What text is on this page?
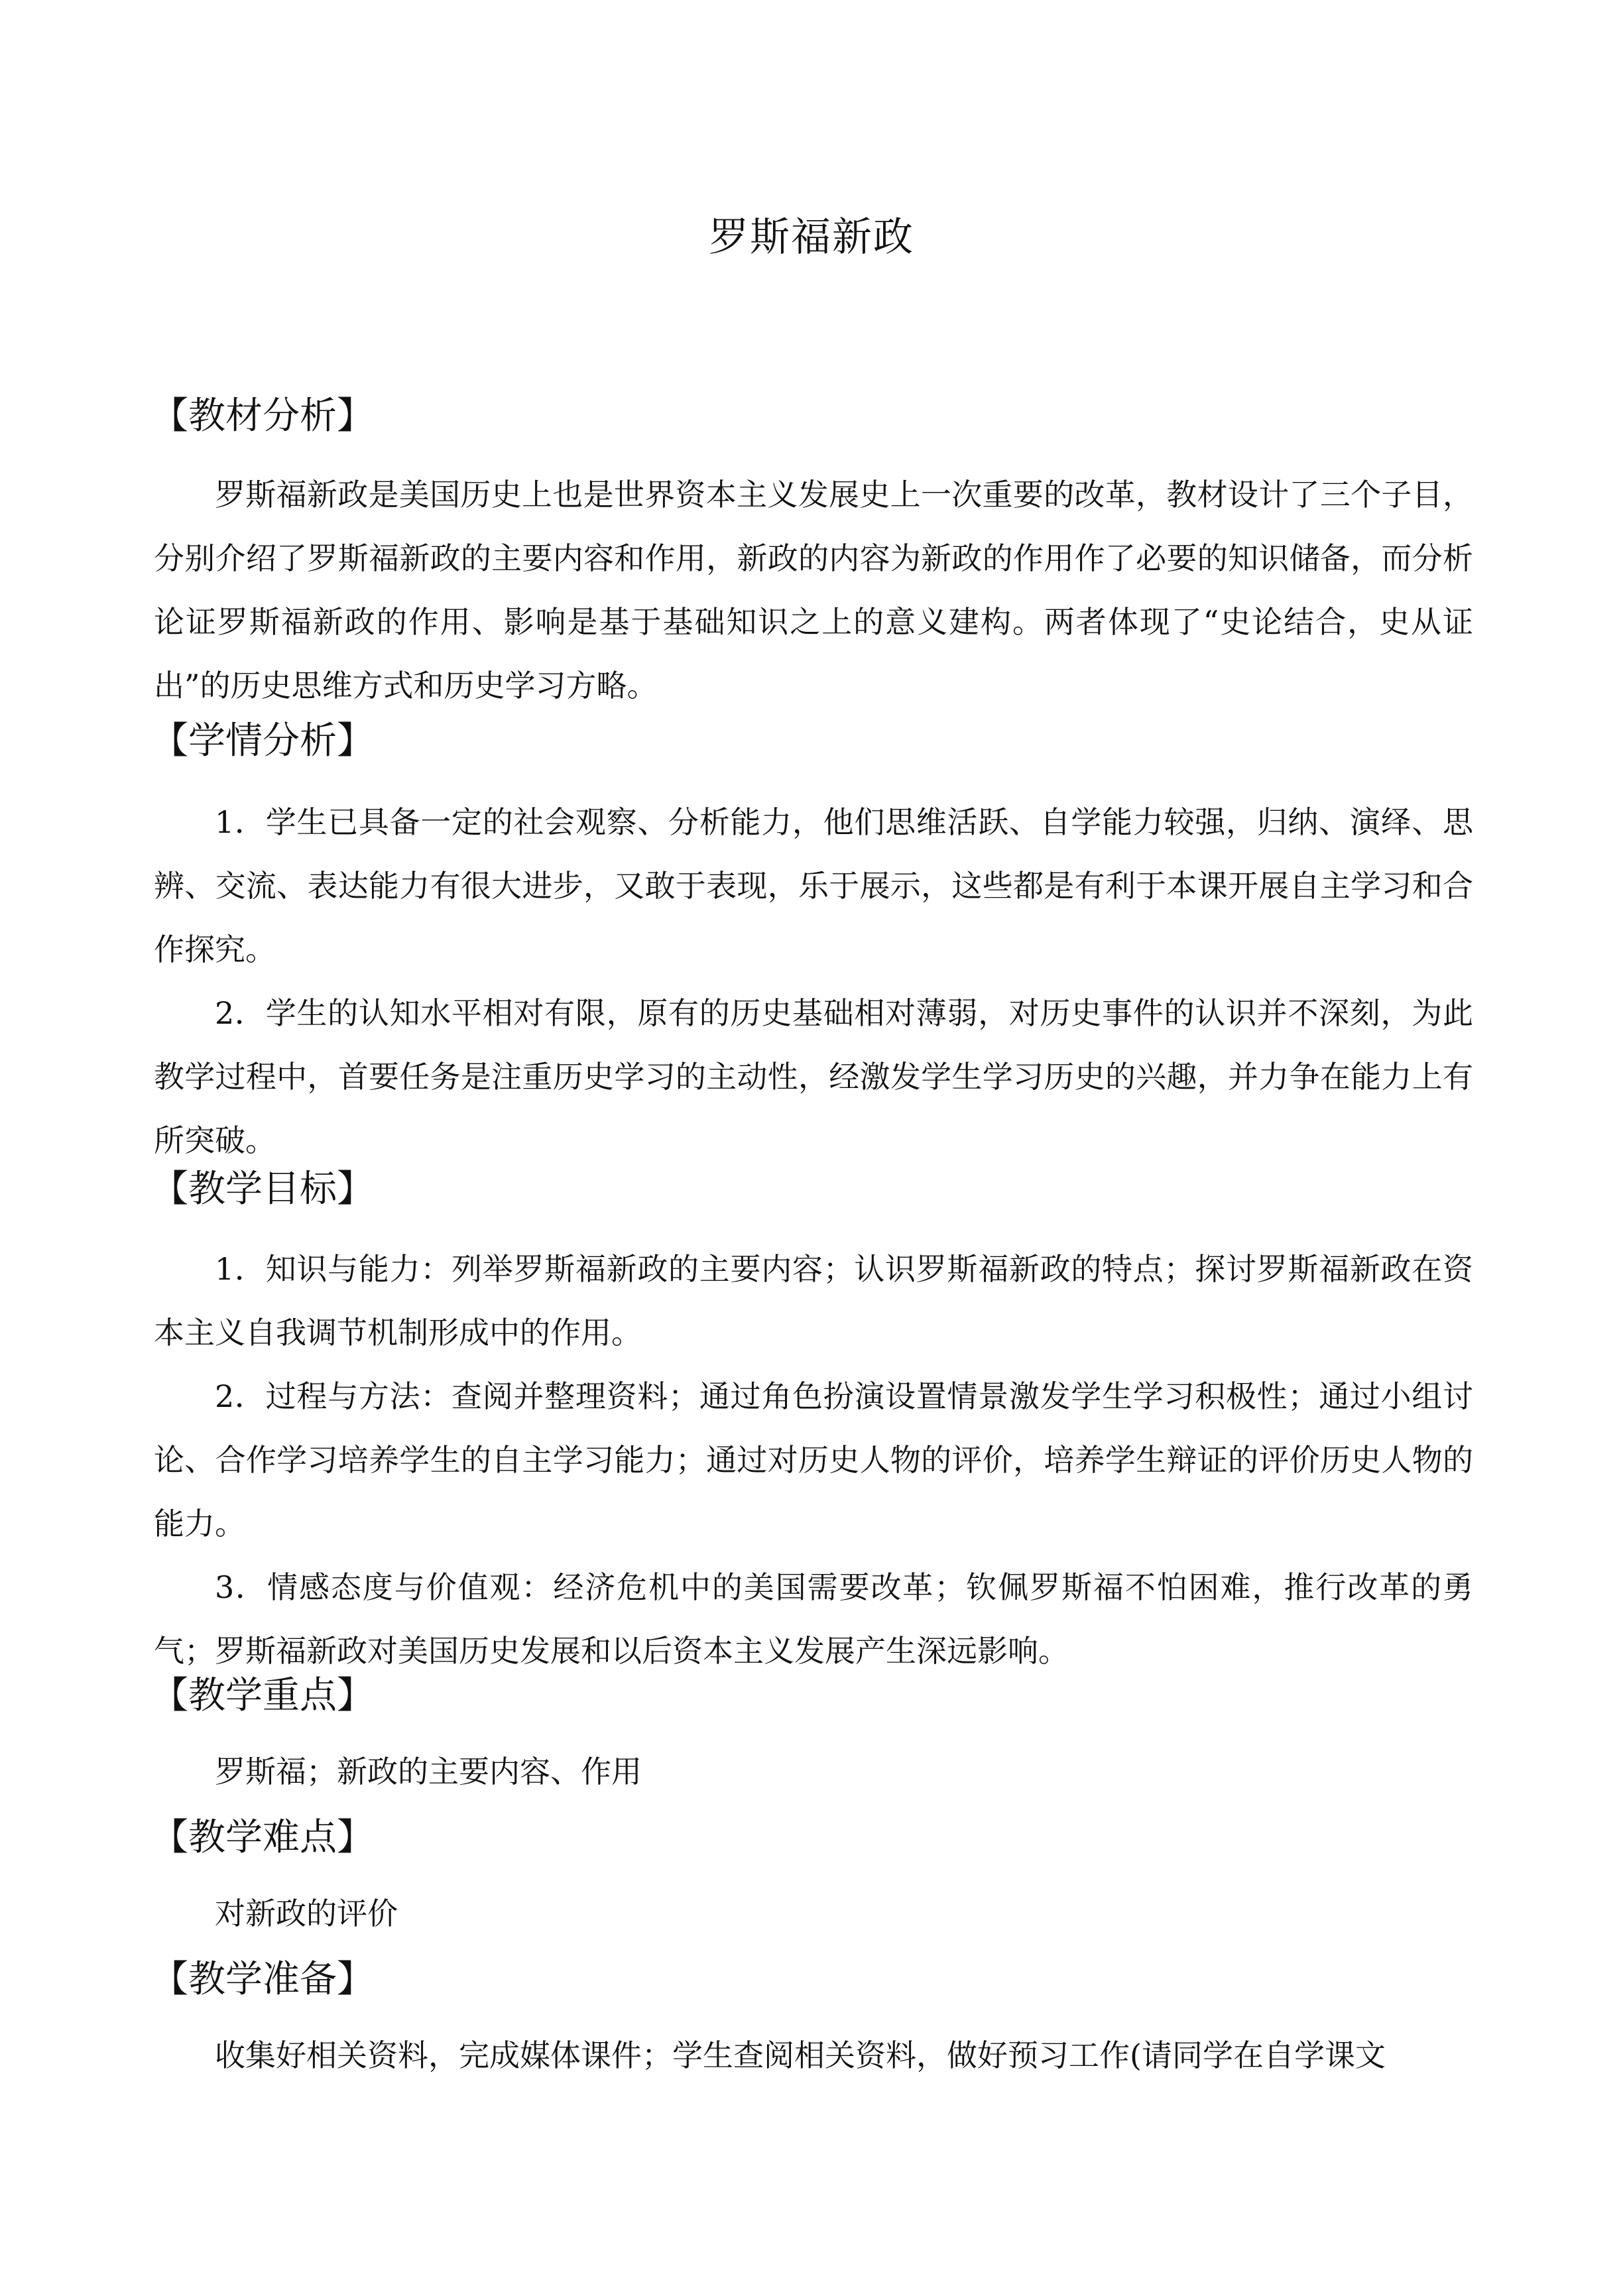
罗斯福新政
【教材分析】

罗斯福新政是美国历史上也是世界资本主义发展史上一次重要的改革，教材设计了三个子目，分别介绍了罗斯福新政的主要内容和作用，新政的内容为新政的作用作了必要的知识储备，而分析论证罗斯福新政的作用、影响是基于基础知识之上的意义建构。两者体现了“史论结合，史从证出”的历史思维方式和历史学习方略。

【学情分析】

1．学生已具备一定的社会观察、分析能力，他们思维活跃、自学能力较强，归纳、演绎、思辨、交流、表达能力有很大进步，又敢于表现，乐于展示，这些都是有利于本课开展自主学习和合作探究。

2．学生的认知水平相对有限，原有的历史基础相对薄弱，对历史事件的认识并不深刻，为此教学过程中，首要任务是注重历史学习的主动性，经激发学生学习历史的兴趣，并力争在能力上有所突破。

【教学目标】

1．知识与能力：列举罗斯福新政的主要内容；认识罗斯福新政的特点；探讨罗斯福新政在资本主义自我调节机制形成中的作用。

2．过程与方法：查阅并整理资料；通过角色扮演设置情景激发学生学习积极性；通过小组讨论、合作学习培养学生的自主学习能力；通过对历史人物的评价，培养学生辩证的评价历史人物的能力。

3．情感态度与价值观：经济危机中的美国需要改革；钦佩罗斯福不怕困难，推行改革的勇气；罗斯福新政对美国历史发展和以后资本主义发展产生深远影响。

【教学重点】

罗斯福；新政的主要内容、作用

【教学难点】

对新政的评价

【教学准备】

收集好相关资料，完成媒体课件；学生查阅相关资料，做好预习工作(请同学在自学课文
